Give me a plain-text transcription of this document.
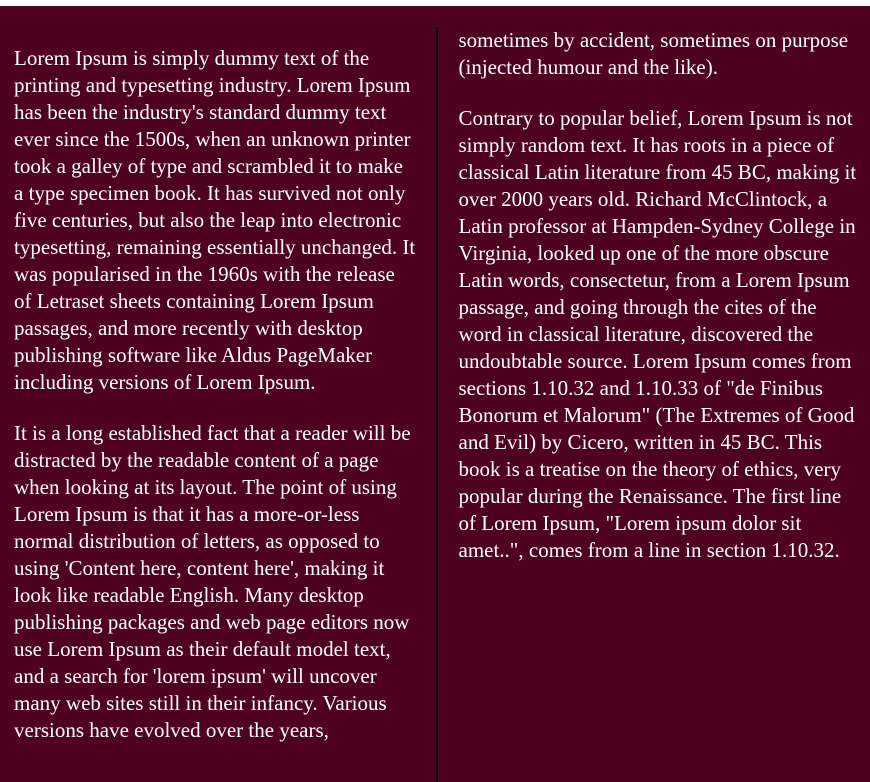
Lorem Ipsum is simply dummy text of the printing and typesetting industry. Lorem Ipsum has been the industry's standard dummy text ever since the 1500s, when an unknown printer took a galley of type and scrambled it to make a type specimen book. It has survived not only five centuries, but also the leap into electronic typesetting, remaining essentially unchanged. It was popularised in the 1960s with the release of Letraset sheets containing Lorem Ipsum passages, and more recently with desktop publishing software like Aldus PageMaker including versions of Lorem Ipsum.

It is a long established fact that a reader will be distracted by the readable content of a page when looking at its layout. The point of using Lorem Ipsum is that it has a more-or-less normal distribution of letters, as opposed to using 'Content here, content here', making it look like readable English. Many desktop publishing packages and web page editors now use Lorem Ipsum as their default model text, and a search for 'lorem ipsum' will uncover many web sites still in their infancy. Various versions have evolved over the years, sometimes by accident, sometimes on purpose (injected humour and the like).

Contrary to popular belief, Lorem Ipsum is not simply random text. It has roots in a piece of classical Latin literature from 45 BC, making it over 2000 years old. Richard McClintock, a Latin professor at Hampden-Sydney College in Virginia, looked up one of the more obscure Latin words, consectetur, from a Lorem Ipsum passage, and going through the cites of the word in classical literature, discovered the undoubtable source. Lorem Ipsum comes from sections 1.10.32 and 1.10.33 of "de Finibus Bonorum et Malorum" (The Extremes of Good and Evil) by Cicero, written in 45 BC. This book is a treatise on the theory of ethics, very popular during the Renaissance. The first line of Lorem Ipsum, "Lorem ipsum dolor sit amet..", comes from a line in section 1.10.32.
